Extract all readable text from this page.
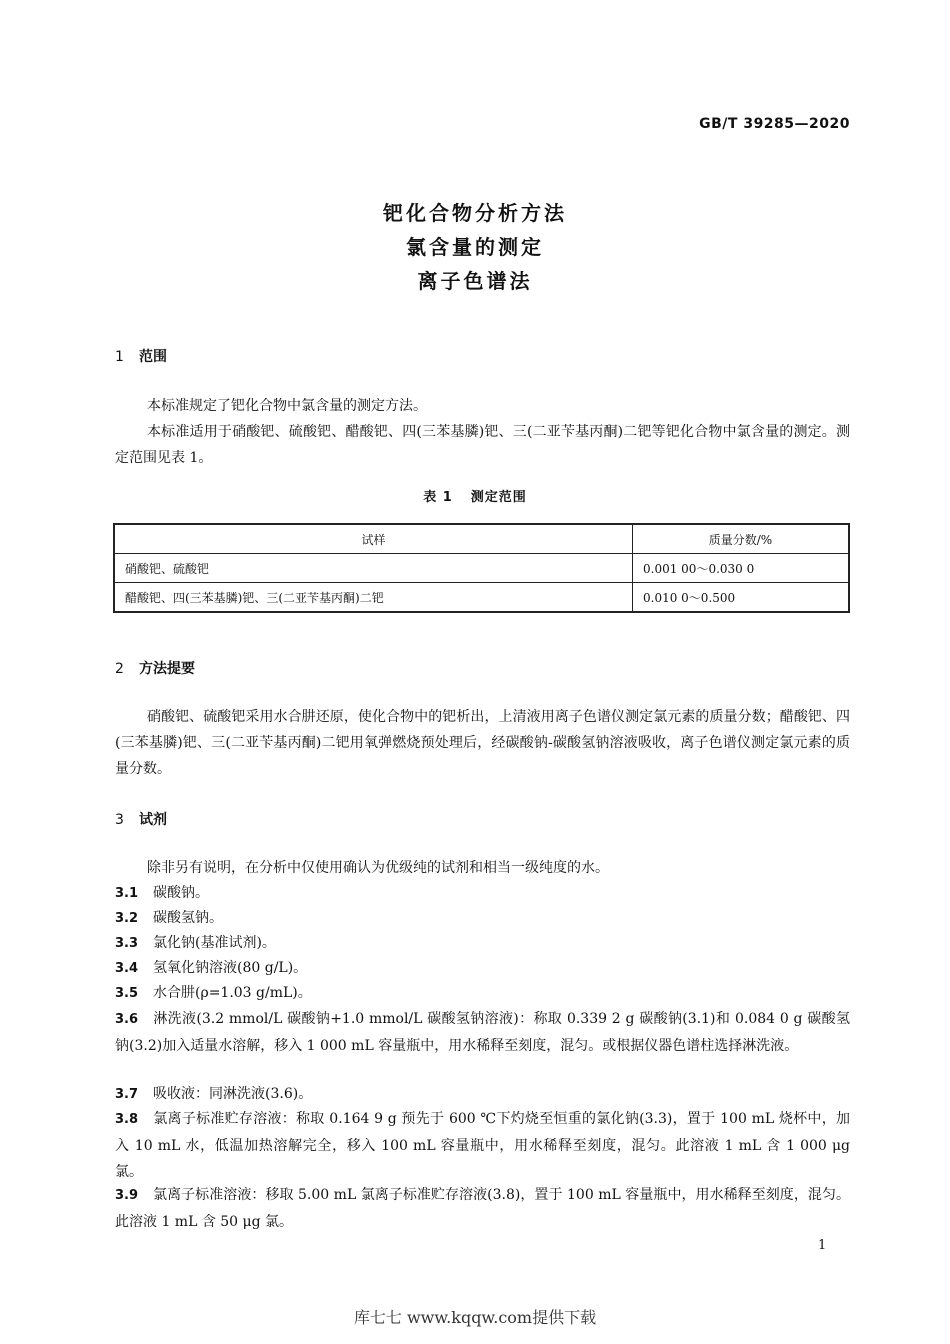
GB/T 39285—2020
钯化合物分析方法
氯含量的测定
离子色谱法
1 范围
本标准规定了钯化合物中氯含量的测定方法。
本标准适用于硝酸钯、硫酸钯、醋酸钯、四(三苯基膦)钯、三(二亚苄基丙酮)二钯等钯化合物中氯含量的测定。测定范围见表 1。
表 1 测定范围
试样	质量分数/%
硝酸钯、硫酸钯	0.001 00～0.030 0
醋酸钯、四(三苯基膦)钯、三(二亚苄基丙酮)二钯	0.010 0～0.500
2 方法提要
硝酸钯、硫酸钯采用水合肼还原，使化合物中的钯析出，上清液用离子色谱仪测定氯元素的质量分数；醋酸钯、四(三苯基膦)钯、三(二亚苄基丙酮)二钯用氧弹燃烧预处理后，经碳酸钠-碳酸氢钠溶液吸收，离子色谱仪测定氯元素的质量分数。
3 试剂
除非另有说明，在分析中仅使用确认为优级纯的试剂和相当一级纯度的水。
3.1 碳酸钠。
3.2 碳酸氢钠。
3.3 氯化钠(基准试剂)。
3.4 氢氧化钠溶液(80 g/L)。
3.5 水合肼(ρ=1.03 g/mL)。
3.6 淋洗液(3.2 mmol/L 碳酸钠+1.0 mmol/L 碳酸氢钠溶液)：称取 0.339 2 g 碳酸钠(3.1)和 0.084 0 g 碳酸氢钠(3.2)加入适量水溶解，移入 1 000 mL 容量瓶中，用水稀释至刻度，混匀。或根据仪器色谱柱选择淋洗液。
3.7 吸收液：同淋洗液(3.6)。
3.8 氯离子标准贮存溶液：称取 0.164 9 g 预先于 600 ℃下灼烧至恒重的氯化钠(3.3)，置于 100 mL 烧杯中，加入 10 mL 水，低温加热溶解完全，移入 100 mL 容量瓶中，用水稀释至刻度，混匀。此溶液 1 mL 含 1 000 μg 氯。
3.9 氯离子标准溶液：移取 5.00 mL 氯离子标准贮存溶液(3.8)，置于 100 mL 容量瓶中，用水稀释至刻度，混匀。此溶液 1 mL 含 50 μg 氯。
1
库七七 www.kqqw.com提供下载
